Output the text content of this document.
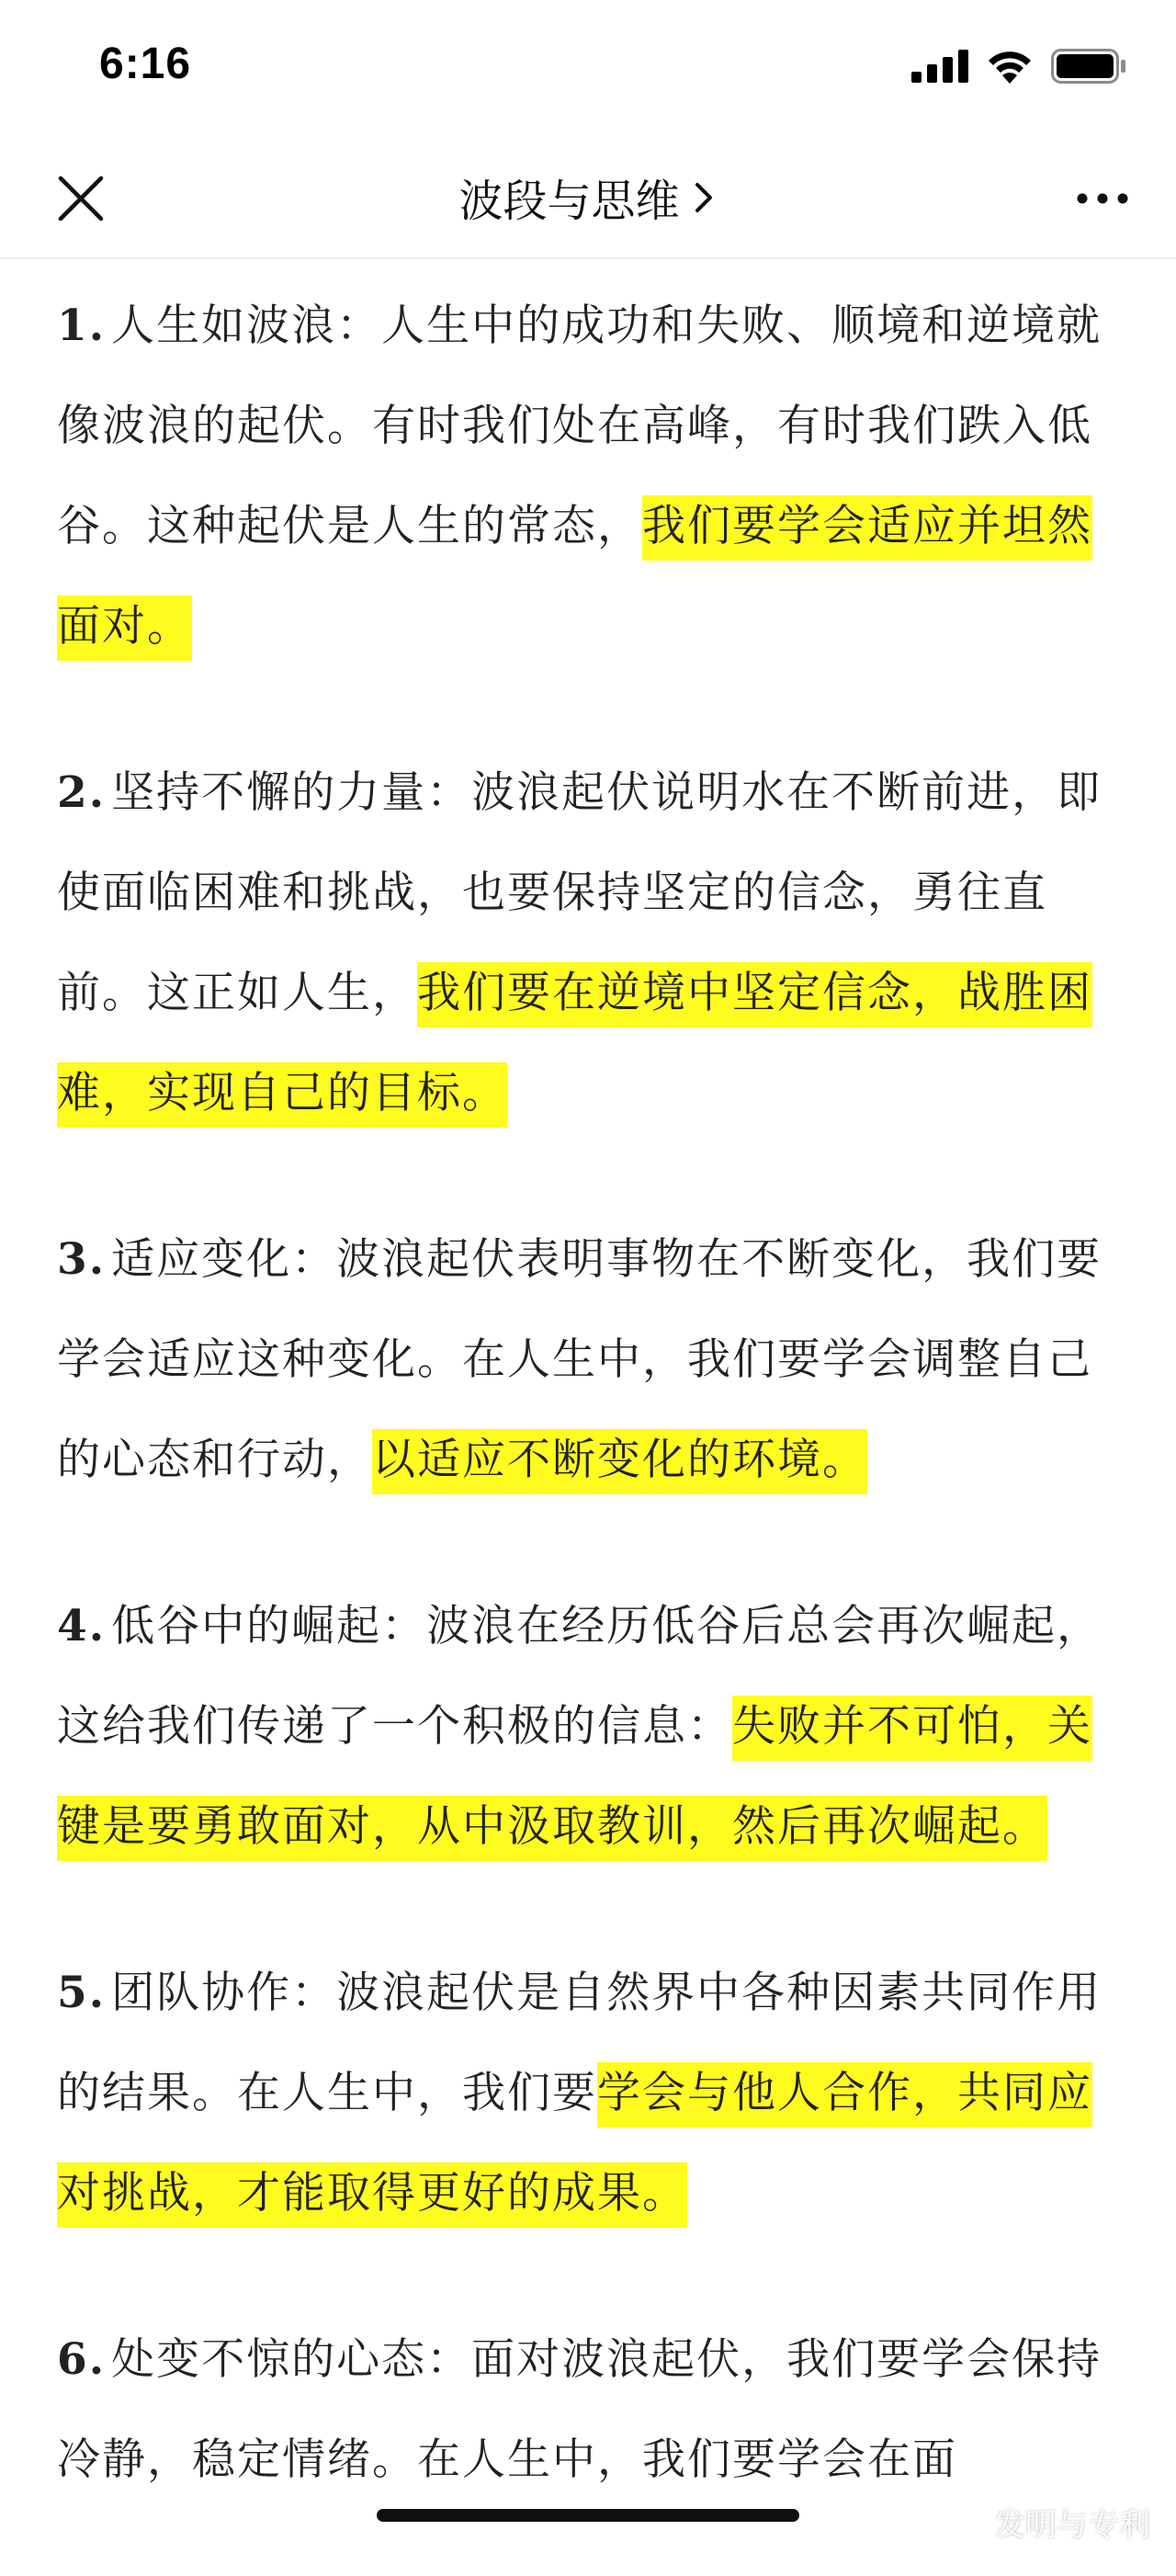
6:16
波段与思维

1. 人生如波浪：人生中的成功和失败、顺境和逆境就像波浪的起伏。有时我们处在高峰，有时我们跌入低谷。这种起伏是人生的常态，我们要学会适应并坦然面对。

2. 坚持不懈的力量：波浪起伏说明水在不断前进，即使面临困难和挑战，也要保持坚定的信念，勇往直前。这正如人生，我们要在逆境中坚定信念，战胜困难，实现自己的目标。

3. 适应变化：波浪起伏表明事物在不断变化，我们要学会适应这种变化。在人生中，我们要学会调整自己的心态和行动，以适应不断变化的环境。

4. 低谷中的崛起：波浪在经历低谷后总会再次崛起，这给我们传递了一个积极的信息：失败并不可怕，关键是要勇敢面对，从中汲取教训，然后再次崛起。

5. 团队协作：波浪起伏是自然界中各种因素共同作用的结果。在人生中，我们要学会与他人合作，共同应对挑战，才能取得更好的成果。

6. 处变不惊的心态：面对波浪起伏，我们要学会保持冷静，稳定情绪。在人生中，我们要学会在面

发明与专利
